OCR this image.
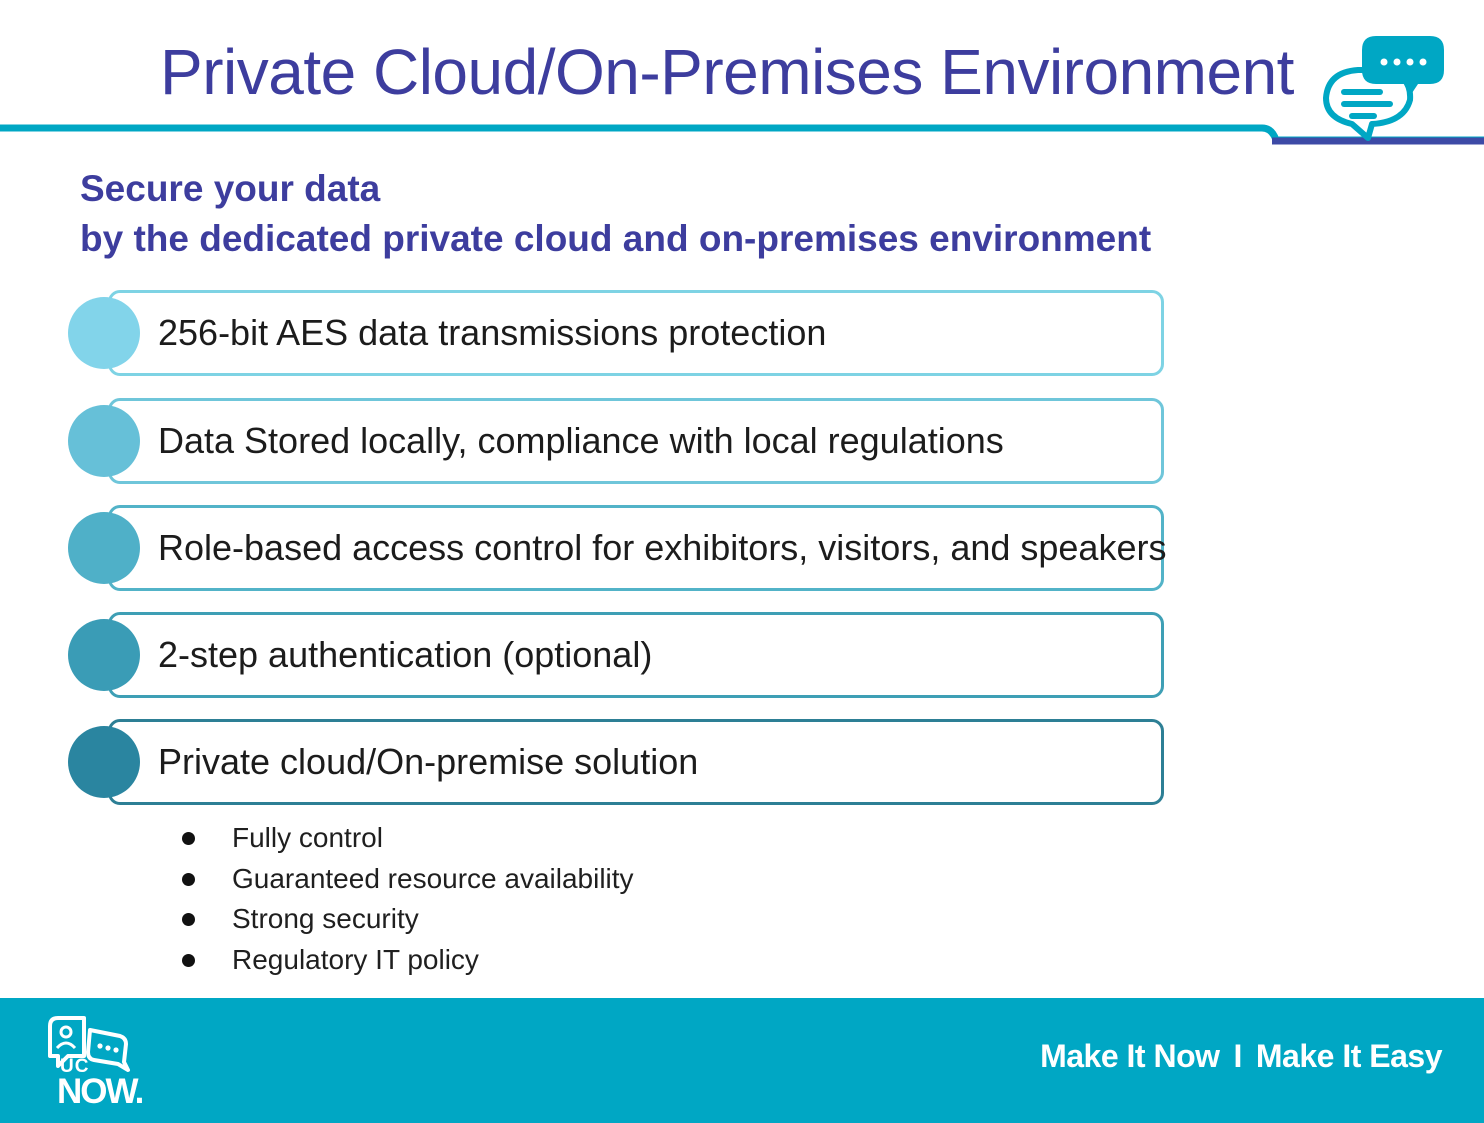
Private Cloud/On-Premises Environment
Secure your data
by the dedicated private cloud and on-premises environment
256-bit AES data transmissions protection
Data Stored locally, compliance with local regulations
Role-based access control for exhibitors, visitors, and speakers
2-step authentication (optional)
Private cloud/On-premise solution
Fully control
Guaranteed resource availability
Strong security
Regulatory IT policy
UC
NOW.
Make It Now I Make It Easy
